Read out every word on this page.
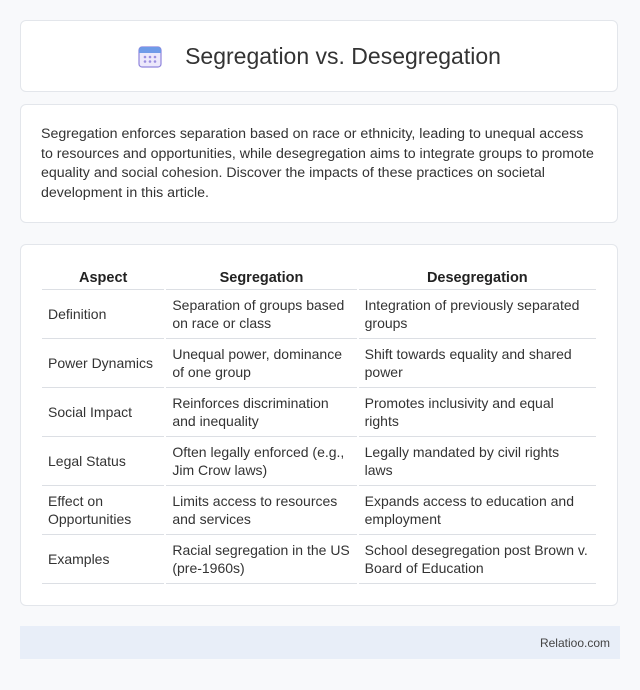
Segregation vs. Desegregation

Segregation enforces separation based on race or ethnicity, leading to unequal access to resources and opportunities, while desegregation aims to integrate groups to promote equality and social cohesion. Discover the impacts of these practices on societal development in this article.

Aspect	Segregation	Desegregation
Definition	Separation of groups based on race or class	Integration of previously separated groups
Power Dynamics	Unequal power, dominance of one group	Shift towards equality and shared power
Social Impact	Reinforces discrimination and inequality	Promotes inclusivity and equal rights
Legal Status	Often legally enforced (e.g., Jim Crow laws)	Legally mandated by civil rights laws
Effect on Opportunities	Limits access to resources and services	Expands access to education and employment
Examples	Racial segregation in the US (pre-1960s)	School desegregation post Brown v. Board of Education
Relatioo.com
